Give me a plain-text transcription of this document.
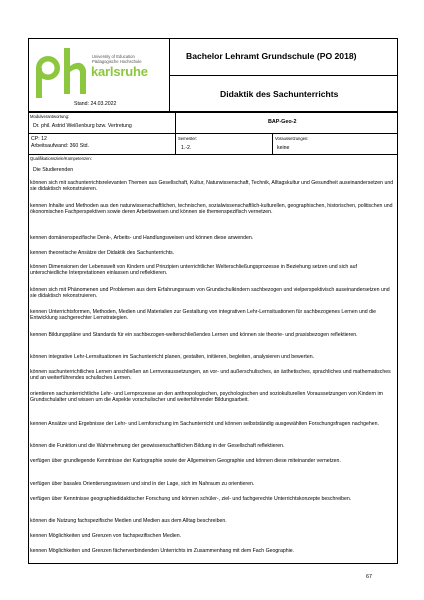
University of Education
Pädagogische Hochschule
karlsruhe
Stand: 24.03.2022
Bachelor Lehramt Grundschule (PO 2018)
Didaktik des Sachunterrichts
Modulverantwortung:
Dr. phil. Astrid Weißenburg bzw. Vertretung
BAP-Geo-2
CP: 12
Arbeitsaufwand: 360 Std.
Semester:
1.-2.
Voraussetzungen:
keine
Qualifikationsziele/Kompetenzen:
Die Studierenden
können sich mit sachunterrichtsrelevanten Themen aus Gesellschaft, Kultur, Naturwissenschaft, Technik, Alltagskultur und Gesundheit auseinandersetzen und sie didaktisch rekonstruieren.
kennen Inhalte und Methoden aus den naturwissenschaftlichen, technischen, sozialwissenschaftlich-kulturellen, geographischen, historischen, politischen und ökonomischen Fachperspektiven sowie deren Arbeitsweisen und können sie themenspezifisch vernetzen.
kennen domänenspezifische Denk-, Arbeits- und Handlungsweisen und können diese anwenden.
kennen theoretische Ansätze der Didaktik des Sachunterrichts.
können Dimensionen der Lebenswelt von Kindern und Prinzipien unterrichtlicher Welterschließungsprozesse in Beziehung setzen und sich auf unterschiedliche Interpretationen einlassen und reflektieren.
können sich mit Phänomenen und Problemen aus dem Erfahrungsraum von Grundschulkindern sachbezogen und vielperspektivisch auseinandersetzen und sie didaktisch rekonstruieren.
kennen Unterrichtsformen, Methoden, Medien und Materialien zur Gestaltung von integrativen Lehr-Lernsituationen für sachbezogenes Lernen und die Entwicklung sachgerechter Lernstrategien.
kennen Bildungspläne und Standards für ein sachbezogen-welterschließendes Lernen und können sie theorie- und praxisbezogen reflektieren.
können integrative Lehr-Lernsituationen im Sachunterricht planen, gestalten, initiieren, begleiten, analysieren und bewerten.
können sachunterrichtliches Lernen anschließen an Lernvoraussetzungen, an vor- und außerschulisches, an ästhetisches, sprachliches und mathematisches und an weiterführendes schulisches Lernen.
orientieren sachunterrichtliche Lehr- und Lernprozesse an den anthropologischen, psychologischen und soziokulturellen Voraussetzungen von Kindern im Grundschulalter und wissen um die Aspekte vorschulischer und weiterführender Bildungsarbeit.
kennen Ansätze und Ergebnisse der Lehr- und Lernforschung im Sachunterricht und können selbstständig ausgewählten Forschungsfragen nachgehen.
können die Funktion und die Wahrnehmung der geowissenschaftlichen Bildung in der Gesellschaft reflektieren.
verfügen über grundlegende Kenntnisse der Kartographie sowie der Allgemeinen Geographie und können diese miteinander vernetzen.
verfügen über basales Orientierungswissen und sind in der Lage, sich im Nahraum zu orientieren.
verfügen über Kenntnisse geographiedidaktischer Forschung und können schüler-, ziel- und fachgerechte Unterrichtskonzepte beschreiben.
können die Nutzung fachspezifische Medien und Medien aus dem Alltag beschreiben.
kennen Möglichkeiten und Grenzen von fachspezifischen Medien.
kennen Möglichkeiten und Grenzen fächerverbindenden Unterrichts im Zusammenhang mit dem Fach Geographie.
67
